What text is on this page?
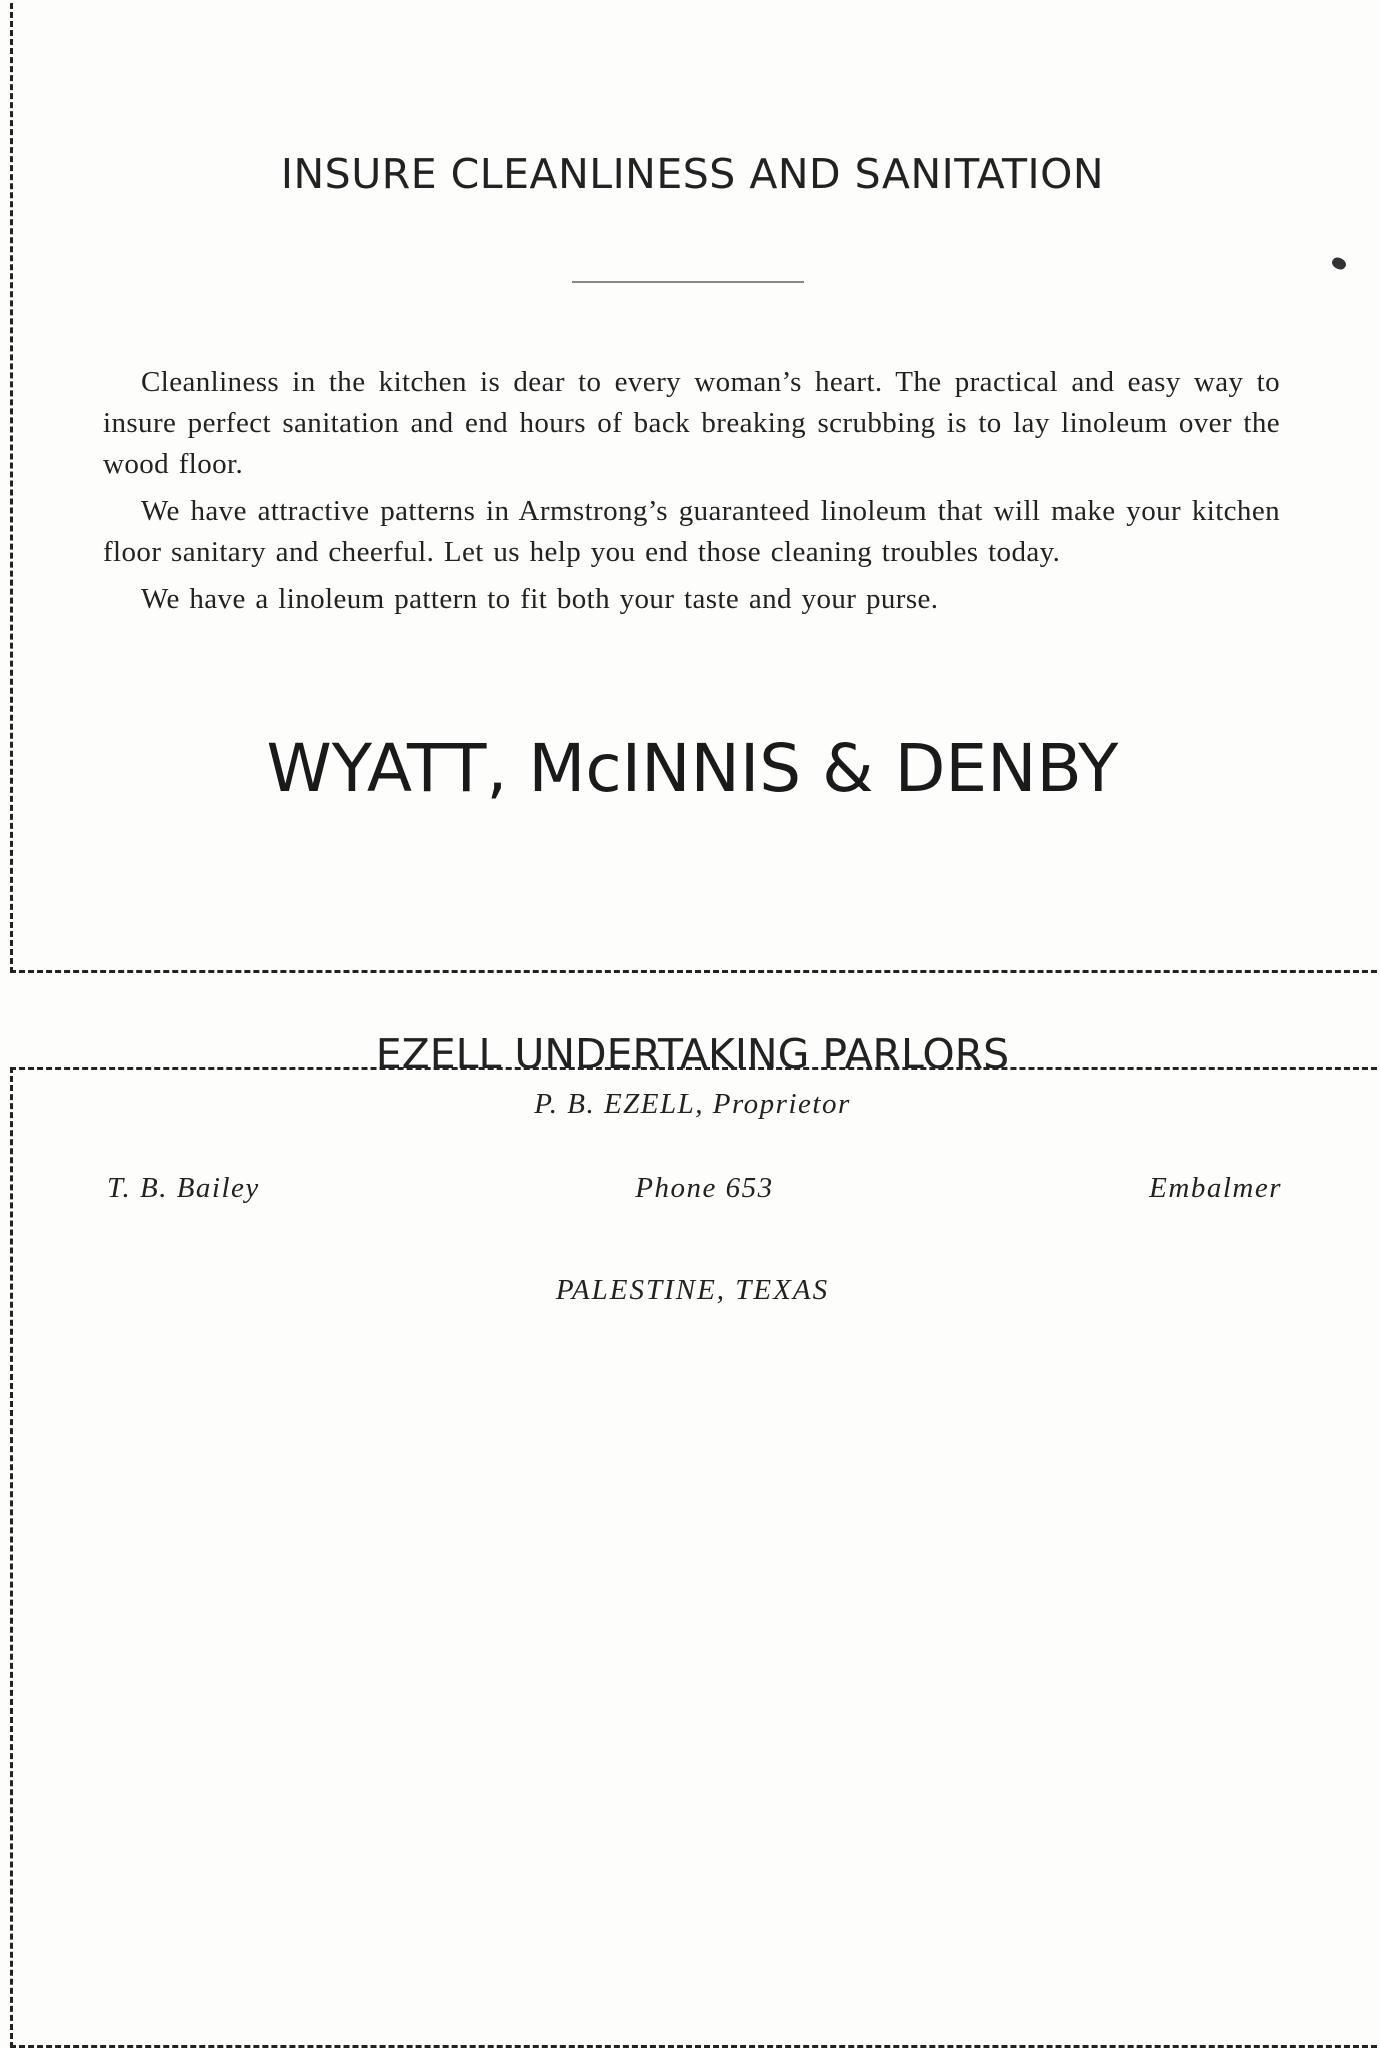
INSURE CLEANLINESS AND SANITATION

Cleanliness in the kitchen is dear to every woman’s heart. The practical and easy way to insure perfect sanitation and end hours of back breaking scrubbing is to lay linoleum over the wood floor.

We have attractive patterns in Armstrong’s guaranteed linoleum that will make your kitchen floor sanitary and cheerful. Let us help you end those cleaning troubles today.

We have a linoleum pattern to fit both your taste and your purse.

WYATT, McINNIS & DENBY
EZELL UNDERTAKING PARLORS
P. B. EZELL, Proprietor
T. B. Bailey	Phone 653	Embalmer
PALESTINE, TEXAS
